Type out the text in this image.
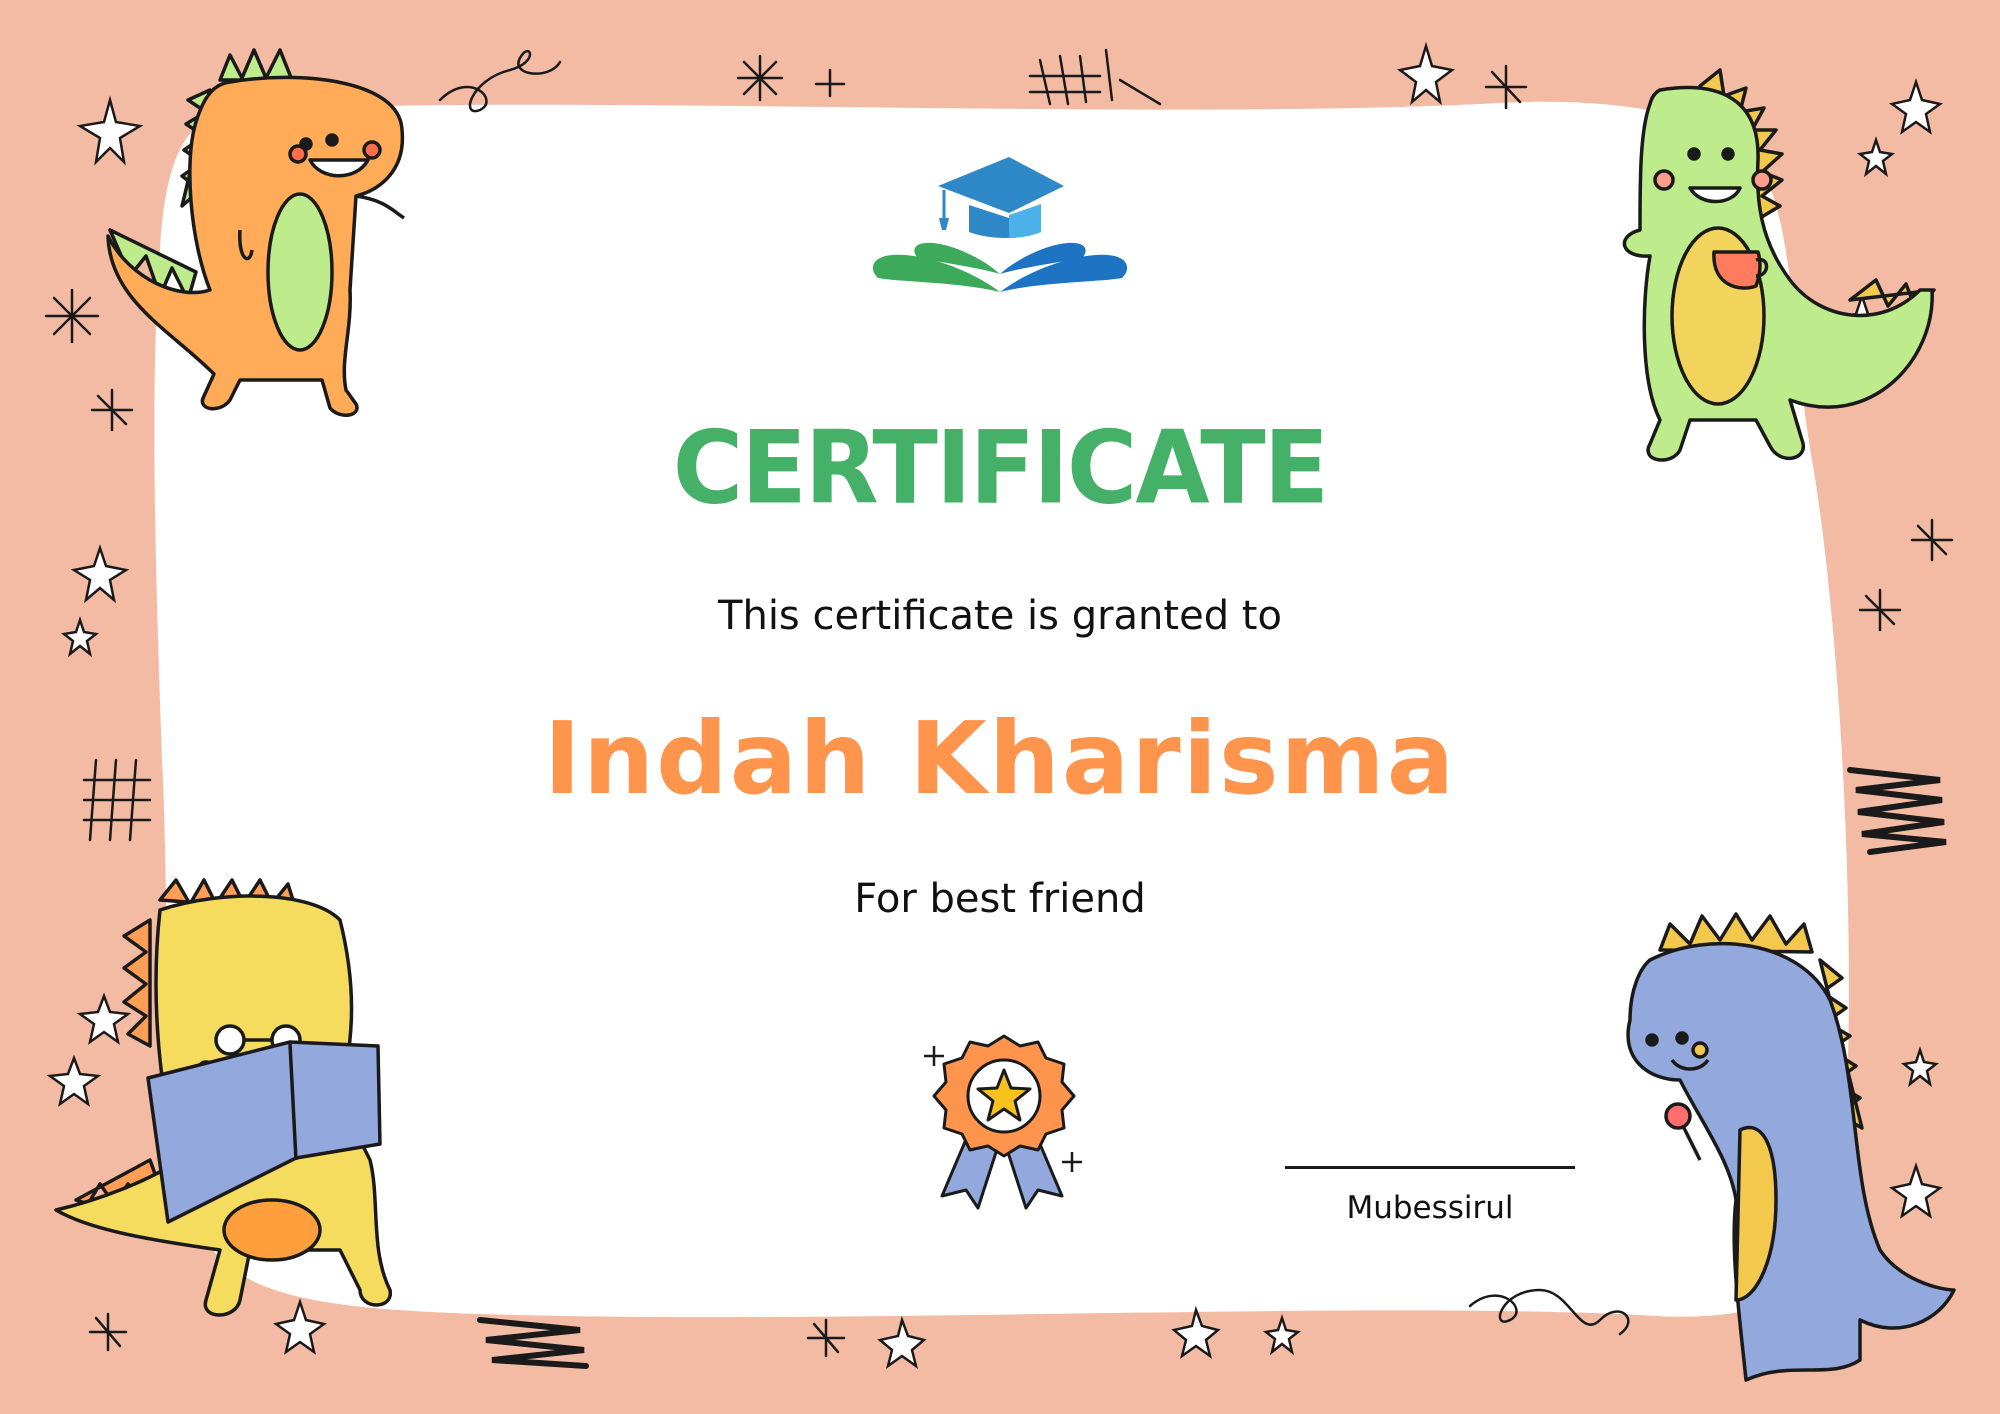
CERTIFICATE
This certificate is granted to
Indah Kharisma
For best friend
Mubessirul
